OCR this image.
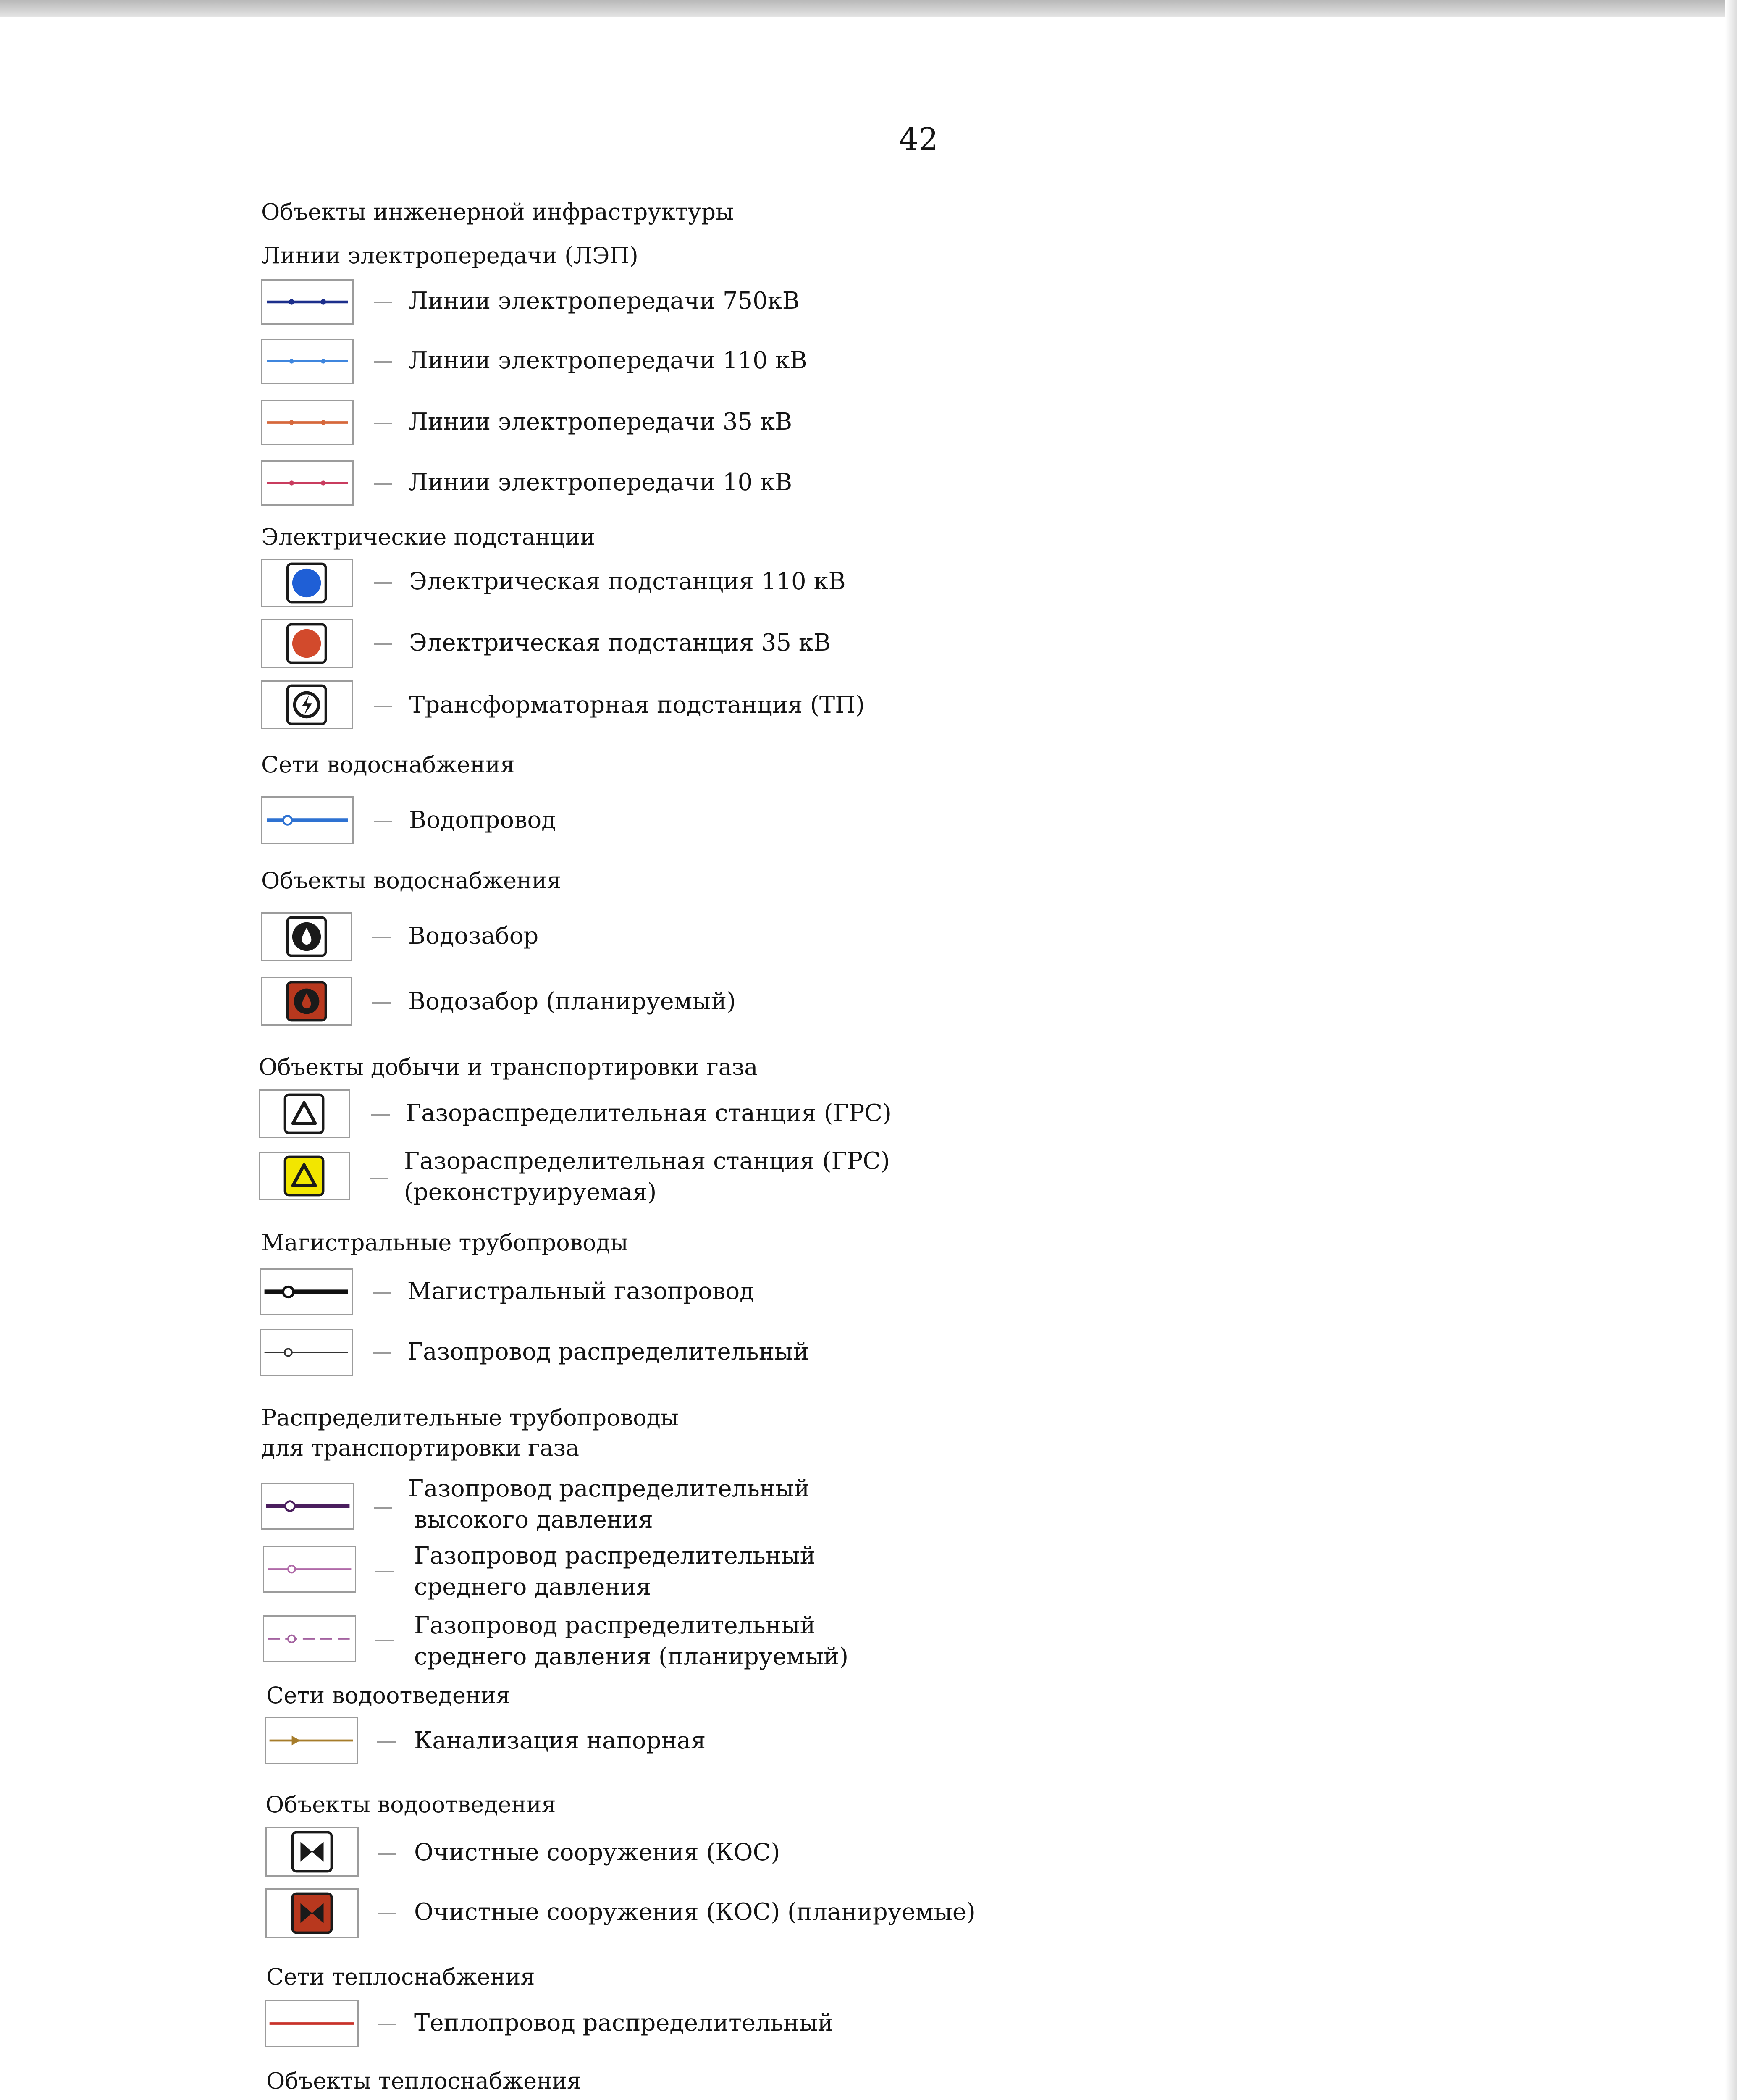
42
Объекты инженерной инфраструктуры
Линии электропередачи (ЛЭП)
Линии электропередачи 750кВ
Линии электропередачи 110 кВ
Линии электропередачи 35 кВ
Линии электропередачи 10 кВ
Электрические подстанции
Электрическая подстанция 110 кВ
Электрическая подстанция 35 кВ
Трансформаторная подстанция (ТП)
Сети водоснабжения
Водопровод
Объекты водоснабжения
Водозабор
Водозабор (планируемый)
Объекты добычи и транспортировки газа
Газораспределительная станция (ГРС)
Газораспределительная станция (ГРС)
(реконструируемая)
Магистральные трубопроводы
Магистральный газопровод
Газопровод распределительный
Распределительные трубопроводы
для транспортировки газа
Газопровод распределительный
высокого давления
Газопровод распределительный
среднего давления
Газопровод распределительный
среднего давления (планируемый)
Сети водоотведения
Канализация напорная
Объекты водоотведения
Очистные сооружения (КОС)
Очистные сооружения (КОС) (планируемые)
Сети теплоснабжения
Теплопровод распределительный
Объекты теплоснабжения
